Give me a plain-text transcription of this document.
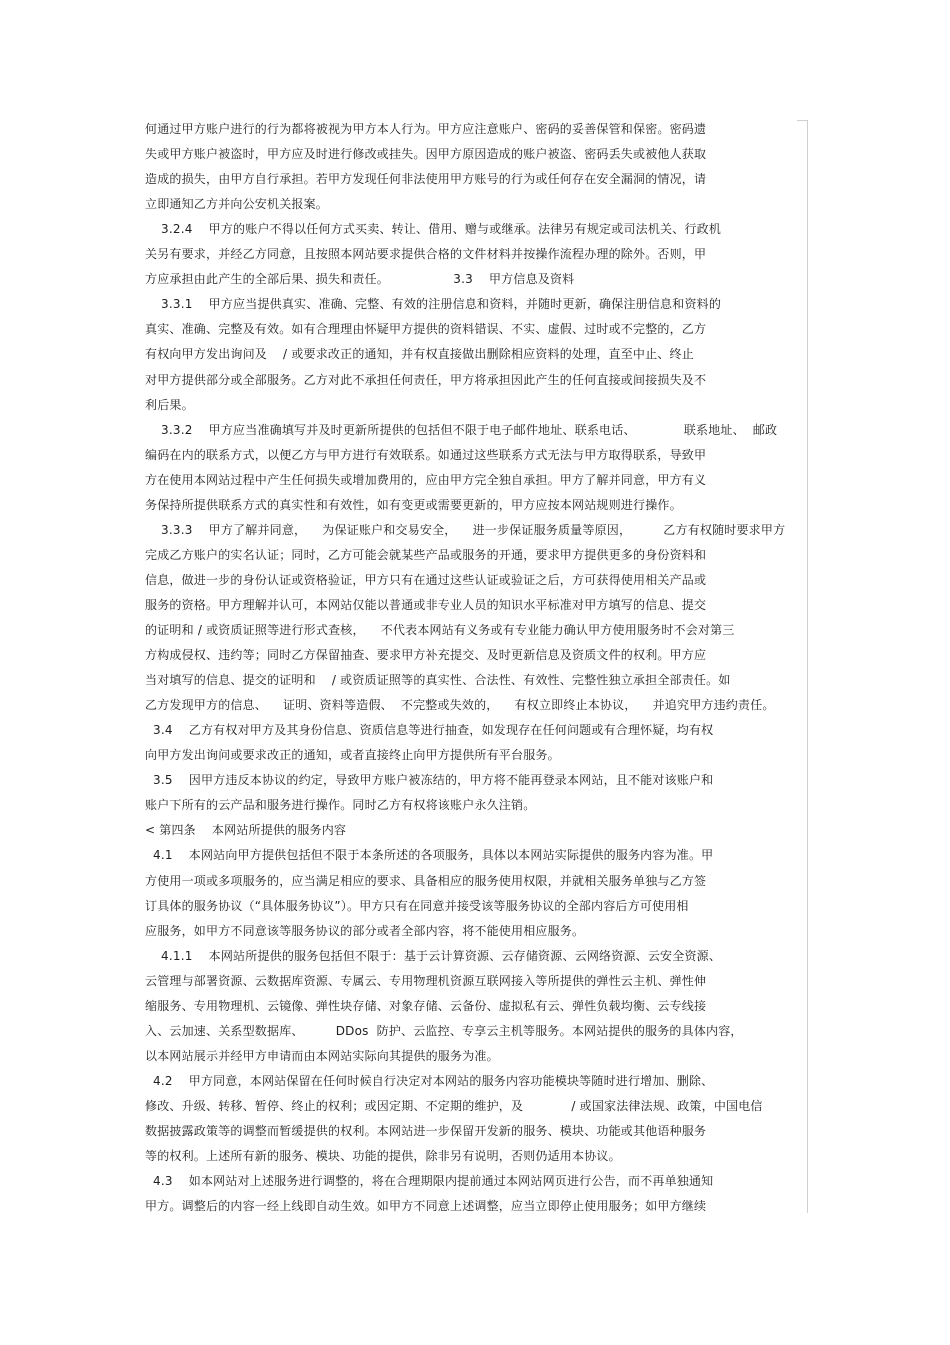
何通过甲方账户进行的行为都将被视为甲方本人行为。甲方应注意账户、密码的妥善保管和保密。密码遗
失或甲方账户被盗时，甲方应及时进行修改或挂失。因甲方原因造成的账户被盗、密码丢失或被他人获取
造成的损失，由甲方自行承担。若甲方发现任何非法使用甲方账号的行为或任何存在安全漏洞的情况，请
立即通知乙方并向公安机关报案。
3.2.4    甲方的账户不得以任何方式买卖、转让、借用、赠与或继承。法律另有规定或司法机关、行政机
关另有要求，并经乙方同意，且按照本网站要求提供合格的文件材料并按操作流程办理的除外。否则，甲
方应承担由此产生的全部后果、损失和责任。                3.3    甲方信息及资料
3.3.1    甲方应当提供真实、准确、完整、有效的注册信息和资料，并随时更新，确保注册信息和资料的
真实、准确、完整及有效。如有合理理由怀疑甲方提供的资料错误、不实、虚假、过时或不完整的，乙方
有权向甲方发出询问及    / 或要求改正的通知，并有权直接做出删除相应资料的处理，直至中止、终止
对甲方提供部分或全部服务。乙方对此不承担任何责任，甲方将承担因此产生的任何直接或间接损失及不
利后果。
3.3.2    甲方应当准确填写并及时更新所提供的包括但不限于电子邮件地址、联系电话、            联系地址、  邮政
编码在内的联系方式，以便乙方与甲方进行有效联系。如通过这些联系方式无法与甲方取得联系，导致甲
方在使用本网站过程中产生任何损失或增加费用的，应由甲方完全独自承担。甲方了解并同意，甲方有义
务保持所提供联系方式的真实性和有效性，如有变更或需要更新的，甲方应按本网站规则进行操作。
3.3.3    甲方了解并同意，    为保证账户和交易安全，    进一步保证服务质量等原因，        乙方有权随时要求甲方
完成乙方账户的实名认证；同时，乙方可能会就某些产品或服务的开通，要求甲方提供更多的身份资料和
信息，做进一步的身份认证或资格验证，甲方只有在通过这些认证或验证之后，方可获得使用相关产品或
服务的资格。甲方理解并认可，本网站仅能以普通或非专业人员的知识水平标准对甲方填写的信息、提交
的证明和 / 或资质证照等进行形式查核，    不代表本网站有义务或有专业能力确认甲方使用服务时不会对第三
方构成侵权、违约等；同时乙方保留抽查、要求甲方补充提交、及时更新信息及资质文件的权利。甲方应
当对填写的信息、提交的证明和    / 或资质证照等的真实性、合法性、有效性、完整性独立承担全部责任。如
乙方发现甲方的信息、    证明、资料等造假、  不完整或失效的，    有权立即终止本协议，    并追究甲方违约责任。
3.4    乙方有权对甲方及其身份信息、资质信息等进行抽查，如发现存在任何问题或有合理怀疑，均有权
向甲方发出询问或要求改正的通知，或者直接终止向甲方提供所有平台服务。
3.5    因甲方违反本协议的约定，导致甲方账户被冻结的，甲方将不能再登录本网站，且不能对该账户和
账户下所有的云产品和服务进行操作。同时乙方有权将该账户永久注销。
< 第四条    本网站所提供的服务内容
4.1    本网站向甲方提供包括但不限于本条所述的各项服务，具体以本网站实际提供的服务内容为准。甲
方使用一项或多项服务的，应当满足相应的要求、具备相应的服务使用权限，并就相关服务单独与乙方签
订具体的服务协议（“具体服务协议”）。甲方只有在同意并接受该等服务协议的全部内容后方可使用相
应服务，如甲方不同意该等服务协议的部分或者全部内容，将不能使用相应服务。
4.1.1    本网站所提供的服务包括但不限于：基于云计算资源、云存储资源、云网络资源、云安全资源、
云管理与部署资源、云数据库资源、专属云、专用物理机资源互联网接入等所提供的弹性云主机、弹性伸
缩服务、专用物理机、云镜像、弹性块存储、对象存储、云备份、虚拟私有云、弹性负载均衡、云专线接
入、云加速、关系型数据库、        DDos  防护、云监控、专享云主机等服务。本网站提供的服务的具体内容，
以本网站展示并经甲方申请而由本网站实际向其提供的服务为准。
4.2    甲方同意，本网站保留在任何时候自行决定对本网站的服务内容功能模块等随时进行增加、删除、
修改、升级、转移、暂停、终止的权利；或因定期、不定期的维护，及            / 或国家法律法规、政策，中国电信
数据披露政策等的调整而暂缓提供的权利。本网站进一步保留开发新的服务、模块、功能或其他语种服务
等的权利。上述所有新的服务、模块、功能的提供，除非另有说明，否则仍适用本协议。
4.3    如本网站对上述服务进行调整的，将在合理期限内提前通过本网站网页进行公告，而不再单独通知
甲方。调整后的内容一经上线即自动生效。如甲方不同意上述调整，应当立即停止使用服务；如甲方继续
